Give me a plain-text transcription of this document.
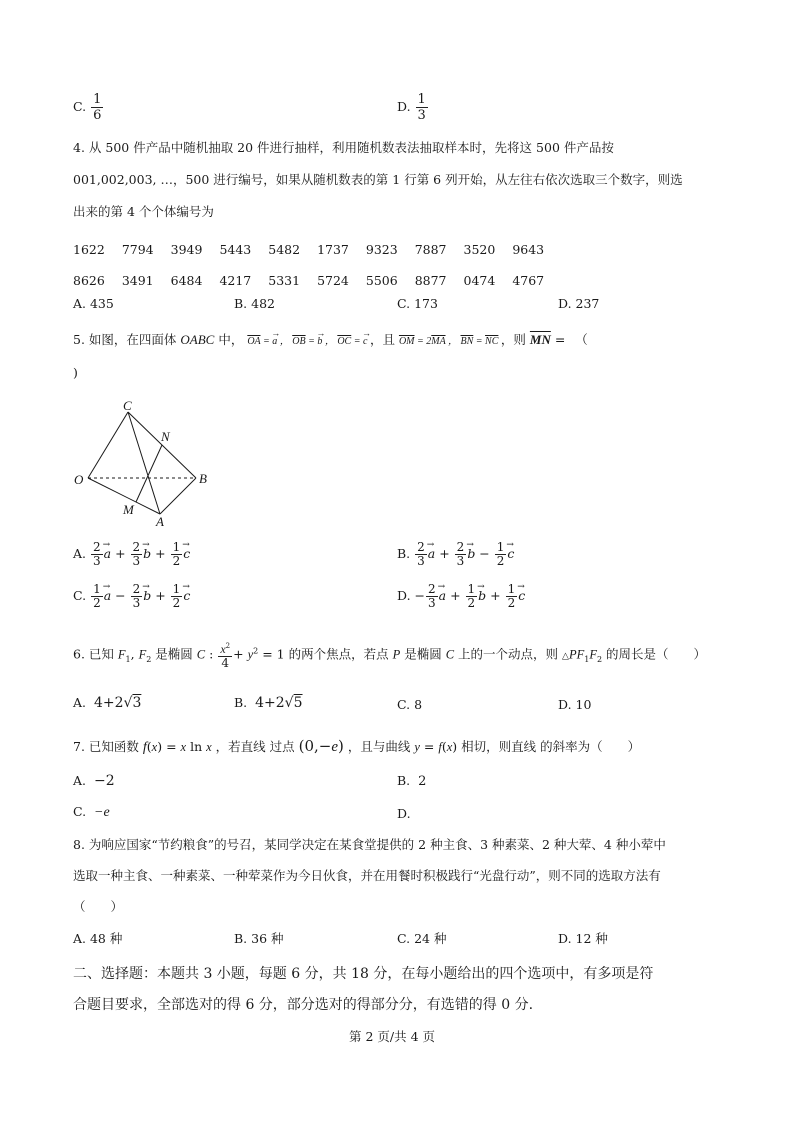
C. $\frac{1}{6}$	D. $\frac{1}{3}$
4. 从 500 件产品中随机抽取 20 件进行抽样，利用随机数表法抽取样本时，先将这 500 件产品按
001,002,003, …，500 进行编号，如果从随机数表的第 1 行第 6 列开始，从左往右依次选取三个数字，则选
出来的第 4 个个体编号为
1622	7794	3949	5443	5482	1737	9323	7887	3520	9643
8626	3491	6484	4217	5331	5724	5506	8877	0474	4767
A. 435	B. 482	C. 173	D. 237
5. 如图，在四面体 OABC 中， $\overline{OA}$ = → a ， $\overline{OB}$ = → b ， $\overline{OC}$ = → c ，且 $\overline{OM} = 2\overline{MA}$ ， $\overline{BN} = \overline{NC}$ ，则 $\overline{MN}$ = （
)
C
N
O	B
M
A
A. $\frac{2}{3} \to a + \frac{2}{3} \to b + \frac{1}{2} \to c$	B. $\frac{2}{3} \to a + \frac{2}{3} \to b - \frac{1}{2} \to c$
C. $\frac{1}{2} \to a - \frac{2}{3} \to b + \frac{1}{2} \to c$	D. − $\frac{2}{3} \to a + \frac{1}{2} \to b + \frac{1}{2} \to c$
6. 已知 $F_1$, $F_2$ 是椭圆 C : $\frac{x^2}{4} + y^2 = 1$ 的两个焦点，若点 P 是椭圆 C 上的一个动点，则 $\triangle PF_1F_2$ 的周长是（　　）
A. 4+2√3	B. 4+2√5	C. 8	D. 10
7. 已知函数 f(x) = x ln x ，若直线 过点 (0,−e) ，且与曲线 y = f(x) 相切，则直线 的斜率为（　　）
A. −2	B. 2
C. −e	D.
8. 为响应国家“节约粮食”的号召，某同学决定在某食堂提供的 2 种主食、3 种素菜、2 种大荤、4 种小荤中
选取一种主食、一种素菜、一种荤菜作为今日伙食，并在用餐时积极践行“光盘行动”，则不同的选取方法有
（　　）
A. 48 种	B. 36 种	C. 24 种	D. 12 种
二、选择题：本题共 3 小题，每题 6 分，共 18 分，在每小题给出的四个选项中，有多项是符
合题目要求，全部选对的得 6 分，部分选对的得部分分，有选错的得 0 分.
第 2 页/共 4 页
